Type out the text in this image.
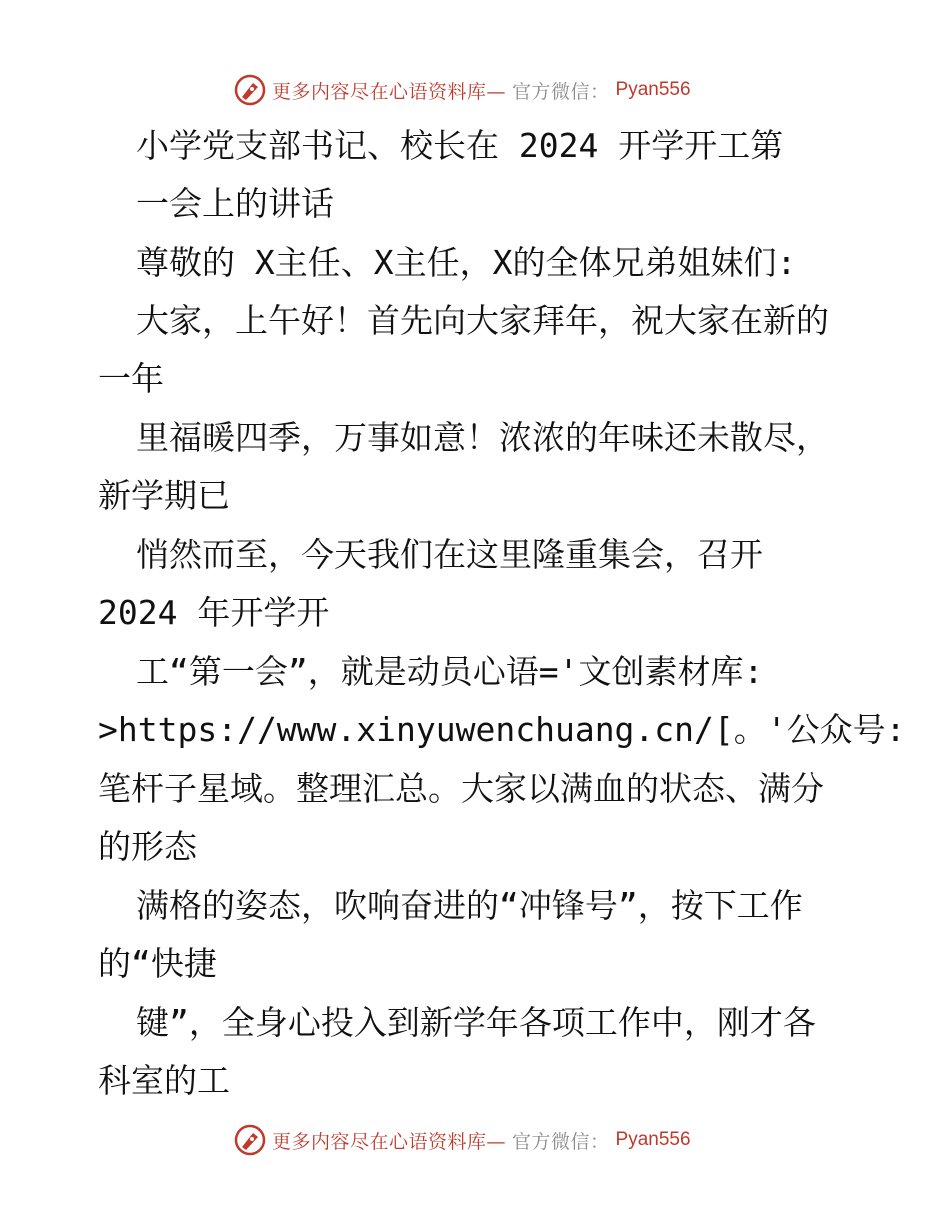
更多内容尽在心语资料库— 官方微信： Pyan556
小学党支部书记、校长在 2024 开学开工第
一会上的讲话
尊敬的 X主任、X主任，X的全体兄弟姐妹们:
大家，上午好！首先向大家拜年，祝大家在新的
一年
里福暖四季，万事如意！浓浓的年味还未散尽，
新学期已
悄然而至，今天我们在这里隆重集会，召开
2024 年开学开
工“第一会”，就是动员心语='文创素材库:
>https://www.xinyuwenchuang.cn/[。'公众号:
笔杆子星域。整理汇总。大家以满血的状态、满分
的形态
满格的姿态，吹响奋进的“冲锋号”，按下工作
的“快捷
键”，全身心投入到新学年各项工作中，刚才各
科室的工
更多内容尽在心语资料库— 官方微信： Pyan556
